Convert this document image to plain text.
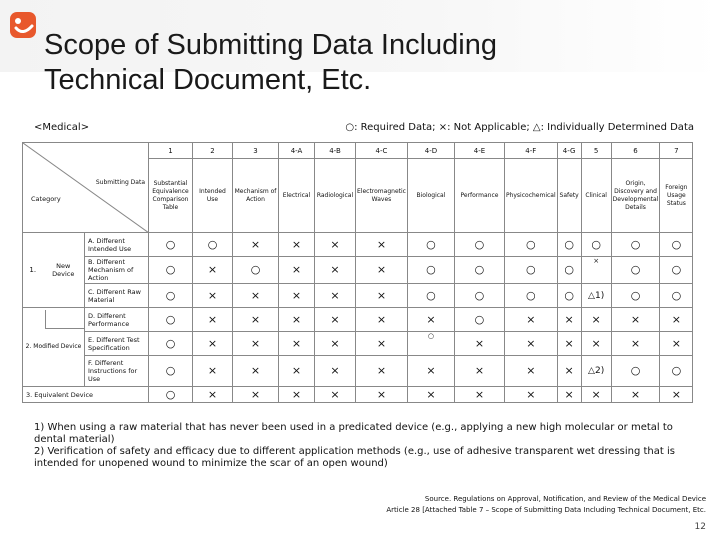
Scope of Submitting Data Including
Technical Document, Etc.
<Medical>	○: Required Data; ×: Not Applicable; △: Individually Determined Data
Submitting Data
Category			1	2	3	4-A	4-B	4-C	4-D	4-E	4-F	4-G	5	6	7
			Substantial Equivalence Comparison Table	Intended Use	Mechanism of Action	Electrical	Radiological	Electromagnetic Waves	Biological	Performance	Physicochemical	Safety	Clinical	Origin, Discovery and Developmental Details	Foreign Usage Status
1.	New
Device	A. Different Intended Use	○	○	×	×	×	×	○	○	○	○	○	○	○
		B. Different Mechanism of Action	○	×	○	×	×	×	○	○	○	○	×	○	○
		C. Different Raw Material	○	×	×	×	×	×	○	○	○	○	△1)	○	○

2. Modified Device		D. Different Performance	○	×	×	×	×	×	×	○	×	×	×	×	×
		E. Different Test Specification	○	×	×	×	×	×	○	×	×	×	×	×	×
		F. Different Instructions for Use	○	×	×	×	×	×	×	×	×	×	△2)	○	○
3. Equivalent Device			○	×	×	×	×	×	×	×	×	×	×	×	×
1) When using a raw material that has never been used in a predicated device (e.g., applying a new high molecular or metal to dental material)
2) Verification of safety and efficacy due to different application methods (e.g., use of adhesive transparent wet dressing that is intended for unopened wound to minimize the scar of an open wound)
Source. Regulations on Approval, Notification, and Review of the Medical Device
Article 28 [Attached Table 7 – Scope of Submitting Data Including Technical Document, Etc.
12
